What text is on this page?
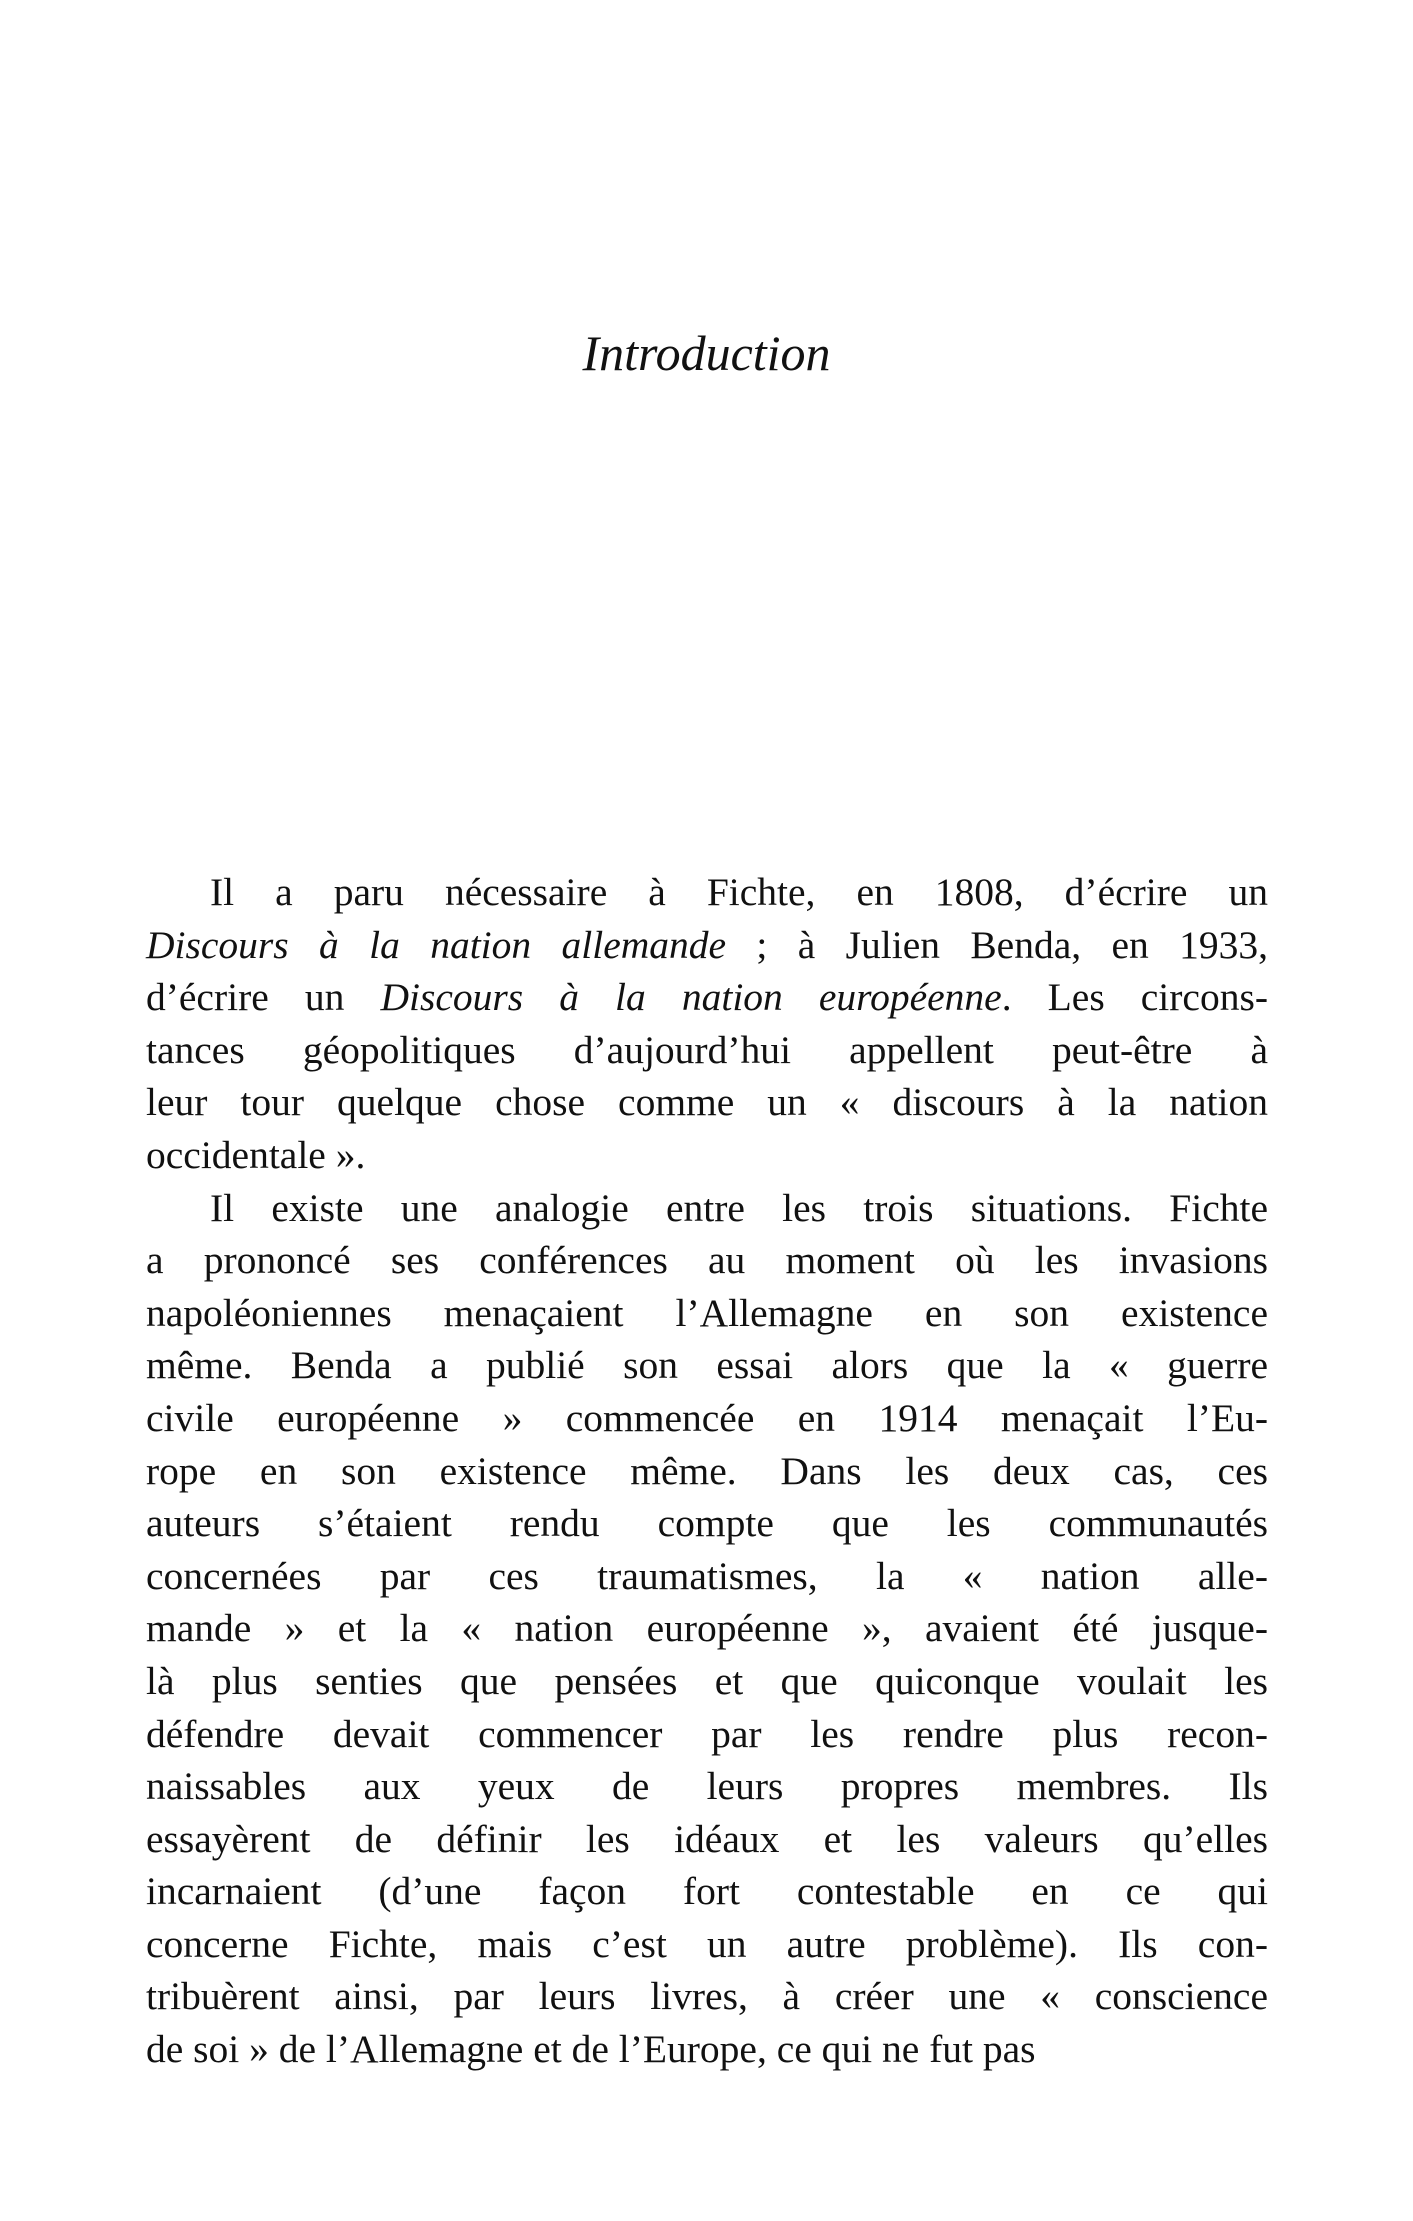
Introduction
Il a paru nécessaire à Fichte, en 1808, d’écrire un
Discours à la nation allemande ; à Julien Benda, en 1933,
d’écrire un Discours à la nation européenne. Les circons-
tances géopolitiques d’aujourd’hui appellent peut-être à
leur tour quelque chose comme un « discours à la nation
occidentale ».
Il existe une analogie entre les trois situations. Fichte
a prononcé ses conférences au moment où les invasions
napoléoniennes menaçaient l’Allemagne en son existence
même. Benda a publié son essai alors que la « guerre
civile européenne » commencée en 1914 menaçait l’Eu-
rope en son existence même. Dans les deux cas, ces
auteurs s’étaient rendu compte que les communautés
concernées par ces traumatismes, la « nation alle-
mande » et la « nation européenne », avaient été jusque-
là plus senties que pensées et que quiconque voulait les
défendre devait commencer par les rendre plus recon-
naissables aux yeux de leurs propres membres. Ils
essayèrent de définir les idéaux et les valeurs qu’elles
incarnaient (d’une façon fort contestable en ce qui
concerne Fichte, mais c’est un autre problème). Ils con-
tribuèrent ainsi, par leurs livres, à créer une « conscience
de soi » de l’Allemagne et de l’Europe, ce qui ne fut pas
